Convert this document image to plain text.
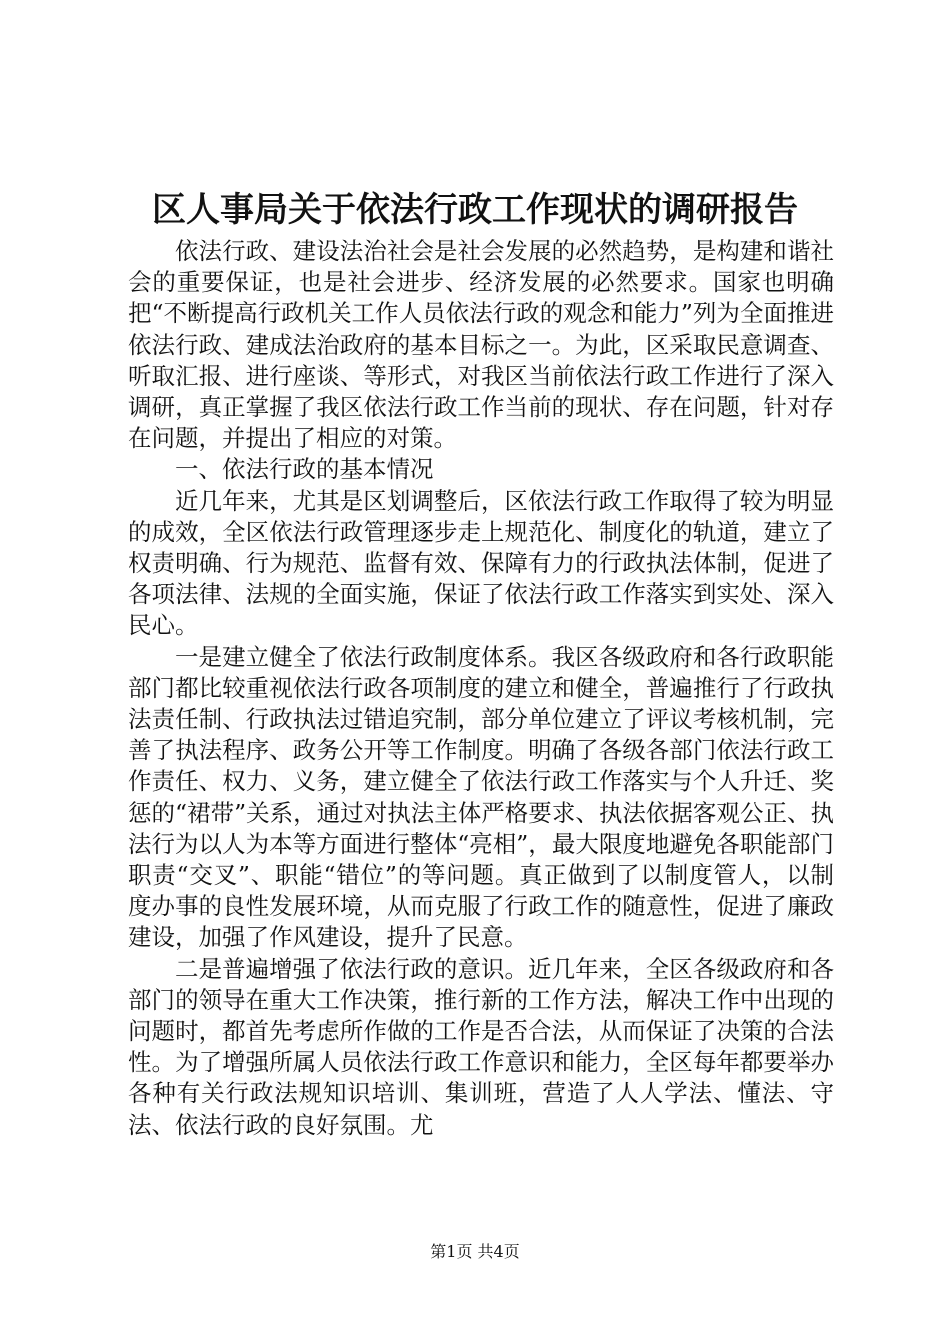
区人事局关于依法行政工作现状的调研报告

依法行政、建设法治社会是社会发展的必然趋势，是构建和谐社会的重要保证，也是社会进步、经济发展的必然要求。国家也明确把“不断提高行政机关工作人员依法行政的观念和能力”列为全面推进依法行政、建成法治政府的基本目标之一。为此，区采取民意调查、听取汇报、进行座谈、等形式，对我区当前依法行政工作进行了深入调研，真正掌握了我区依法行政工作当前的现状、存在问题，针对存在问题，并提出了相应的对策。

一、依法行政的基本情况

近几年来，尤其是区划调整后，区依法行政工作取得了较为明显的成效，全区依法行政管理逐步走上规范化、制度化的轨道，建立了权责明确、行为规范、监督有效、保障有力的行政执法体制，促进了各项法律、法规的全面实施，保证了依法行政工作落实到实处、深入民心。

一是建立健全了依法行政制度体系。我区各级政府和各行政职能部门都比较重视依法行政各项制度的建立和健全，普遍推行了行政执法责任制、行政执法过错追究制，部分单位建立了评议考核机制，完善了执法程序、政务公开等工作制度。明确了各级各部门依法行政工作责任、权力、义务，建立健全了依法行政工作落实与个人升迁、奖惩的“裙带”关系，通过对执法主体严格要求、执法依据客观公正、执法行为以人为本等方面进行整体“亮相”，最大限度地避免各职能部门职责“交叉”、职能“错位”的等问题。真正做到了以制度管人，以制度办事的良性发展环境，从而克服了行政工作的随意性，促进了廉政建设，加强了作风建设，提升了民意。

二是普遍增强了依法行政的意识。近几年来，全区各级政府和各部门的领导在重大工作决策，推行新的工作方法，解决工作中出现的问题时，都首先考虑所作做的工作是否合法，从而保证了决策的合法性。为了增强所属人员依法行政工作意识和能力，全区每年都要举办各种有关行政法规知识培训、集训班，营造了人人学法、懂法、守法、依法行政的良好氛围。尤

第1页 共4页
